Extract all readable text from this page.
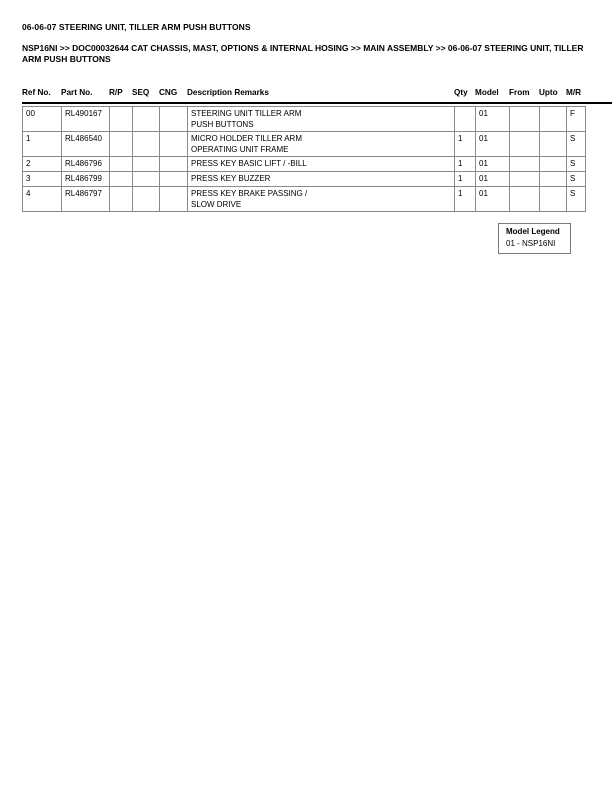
06-06-07 STEERING UNIT, TILLER ARM PUSH BUTTONS
NSP16NI >> DOC00032644 CAT CHASSIS, MAST, OPTIONS & INTERNAL HOSING >> MAIN ASSEMBLY >> 06-06-07 STEERING UNIT, TILLER ARM PUSH BUTTONS
Ref No. Part No. R/P SEQ CNG Description Remarks	Qty Model From Upto M/R
00	RL490167				STEERING UNIT TILLER ARM
PUSH BUTTONS		01			F
1	RL486540				MICRO HOLDER TILLER ARM
OPERATING UNIT FRAME	1	01			S
2	RL486796				PRESS KEY BASIC LIFT / -BILL	1	01			S
3	RL486799				PRESS KEY BUZZER	1	01			S
4	RL486797				PRESS KEY BRAKE PASSING /
SLOW DRIVE	1	01			S
Model Legend
01 - NSP16NI
